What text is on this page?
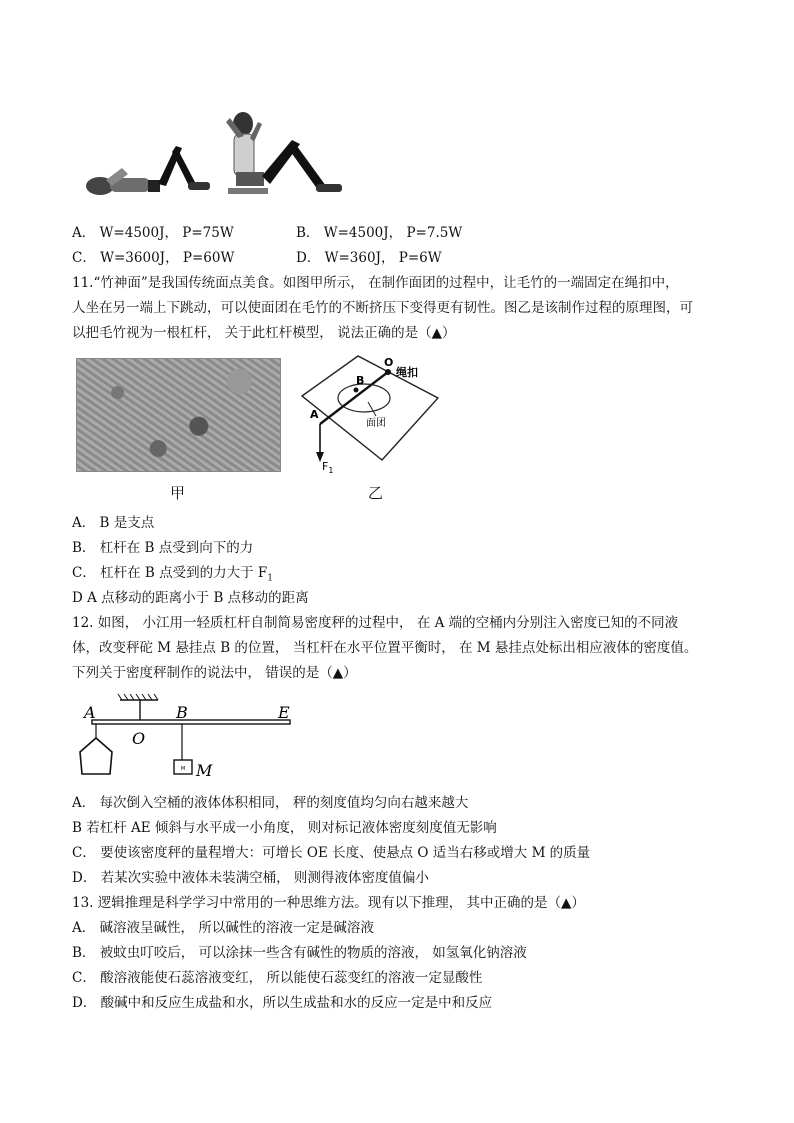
A． W=4500J， P=75W	B． W=4500J， P=7.5W
C． W=3600J， P=60W	D． W=360J， P=6W
11.“竹神面”是我国传统面点美食。如图甲所示， 在制作面团的过程中，让毛竹的一端固定在绳扣中，
人坐在另一端上下跳动，可以使面团在毛竹的不断挤压下变得更有韧性。图乙是该制作过程的原理图，可
以把毛竹视为一根杠杆， 关于此杠杆模型， 说法正确的是（▲）
甲
A
B
O
绳扣
面团
$F_1$
乙
A． B 是支点
B． 杠杆在 B 点受到向下的力
C． 杠杆在 B 点受到的力大于 $F_1$
D A 点移动的距离小于 B 点移动的距离
12. 如图， 小江用一轻质杠杆自制简易密度秤的过程中， 在 A 端的空桶内分别注入密度已知的不同液
体，改变秤砣 M 悬挂点 B 的位置， 当杠杆在水平位置平衡时， 在 M 悬挂点处标出相应液体的密度值。
下列关于密度秤制作的说法中， 错误的是（▲）
M
A
O
B	E
M
A． 每次倒入空桶的液体体积相同， 秤的刻度值均匀向右越来越大
B 若杠杆 AE 倾斜与水平成一小角度， 则对标记液体密度刻度值无影响
C． 要使该密度秤的量程增大：可增长 OE 长度、使悬点 O 适当右移或增大 M 的质量
D． 若某次实验中液体未装满空桶， 则测得液体密度值偏小
13. 逻辑推理是科学学习中常用的一种思维方法。现有以下推理， 其中正确的是（▲）
A． 碱溶液呈碱性， 所以碱性的溶液一定是碱溶液
B． 被蚊虫叮咬后， 可以涂抹一些含有碱性的物质的溶液， 如氢氧化钠溶液
C． 酸溶液能使石蕊溶液变红， 所以能使石蕊变红的溶液一定显酸性
D． 酸碱中和反应生成盐和水，所以生成盐和水的反应一定是中和反应
